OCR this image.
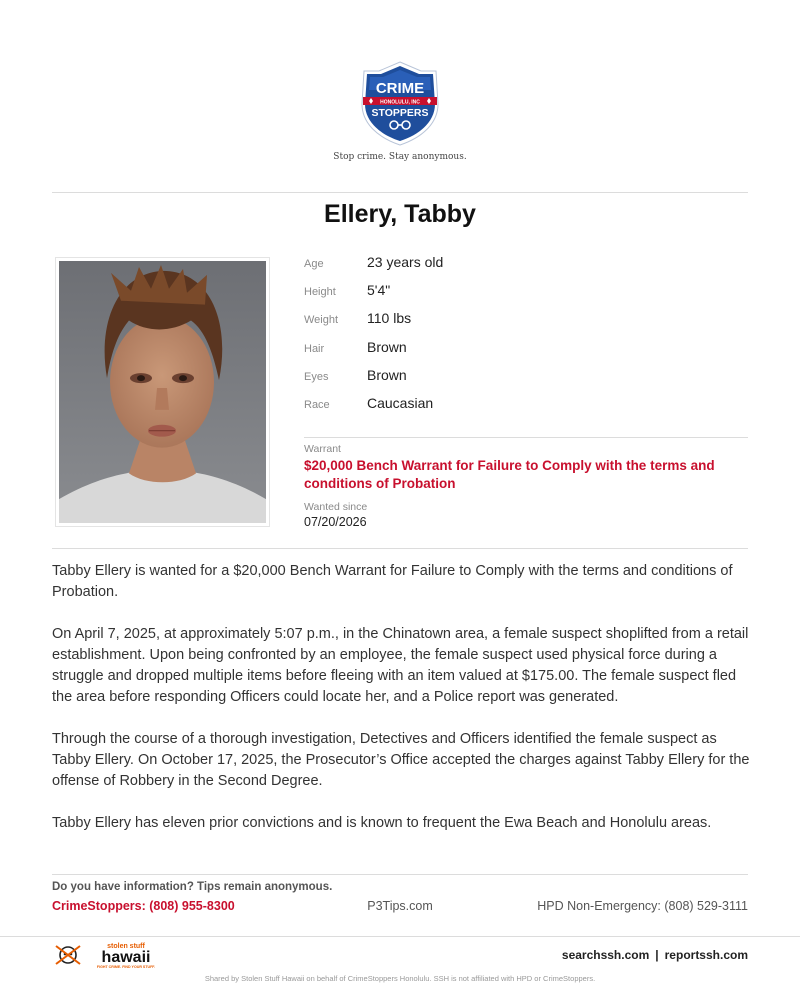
CRIME
HONOLULU, INC
STOPPERS
Stop crime. Stay anonymous.
Ellery, Tabby
Age	23 years old
Height	5'4"
Weight	110 lbs
Hair	Brown
Eyes	Brown
Race	Caucasian
Warrant
$20,000 Bench Warrant for Failure to Comply with the terms and conditions of Probation
Wanted since
07/20/2026

Tabby Ellery is wanted for a $20,000 Bench Warrant for Failure to Comply with the terms and conditions of Probation.

On April 7, 2025, at approximately 5:07 p.m., in the Chinatown area, a female suspect shoplifted from a retail establishment. Upon being confronted by an employee, the female suspect used physical force during a struggle and dropped multiple items before fleeing with an item valued at $175.00. The female suspect fled the area before responding Officers could locate her, and a Police report was generated.

Through the course of a thorough investigation, Detectives and Officers identified the female suspect as Tabby Ellery. On October 17, 2025, the Prosecutor’s Office accepted the charges against Tabby Ellery for the offense of Robbery in the Second Degree.

Tabby Ellery has eleven prior convictions and is known to frequent the Ewa Beach and Honolulu areas.

Do you have information? Tips remain anonymous.
CrimeStoppers: (808) 955-8300	P3Tips.com	HPD Non-Emergency: (808) 529-3111
stolen stuff
hawaii
FIGHT CRIME. FIND YOUR STUFF.
searchssh.com | reportssh.com
Shared by Stolen Stuff Hawaii on behalf of CrimeStoppers Honolulu. SSH is not affiliated with HPD or CrimeStoppers.
